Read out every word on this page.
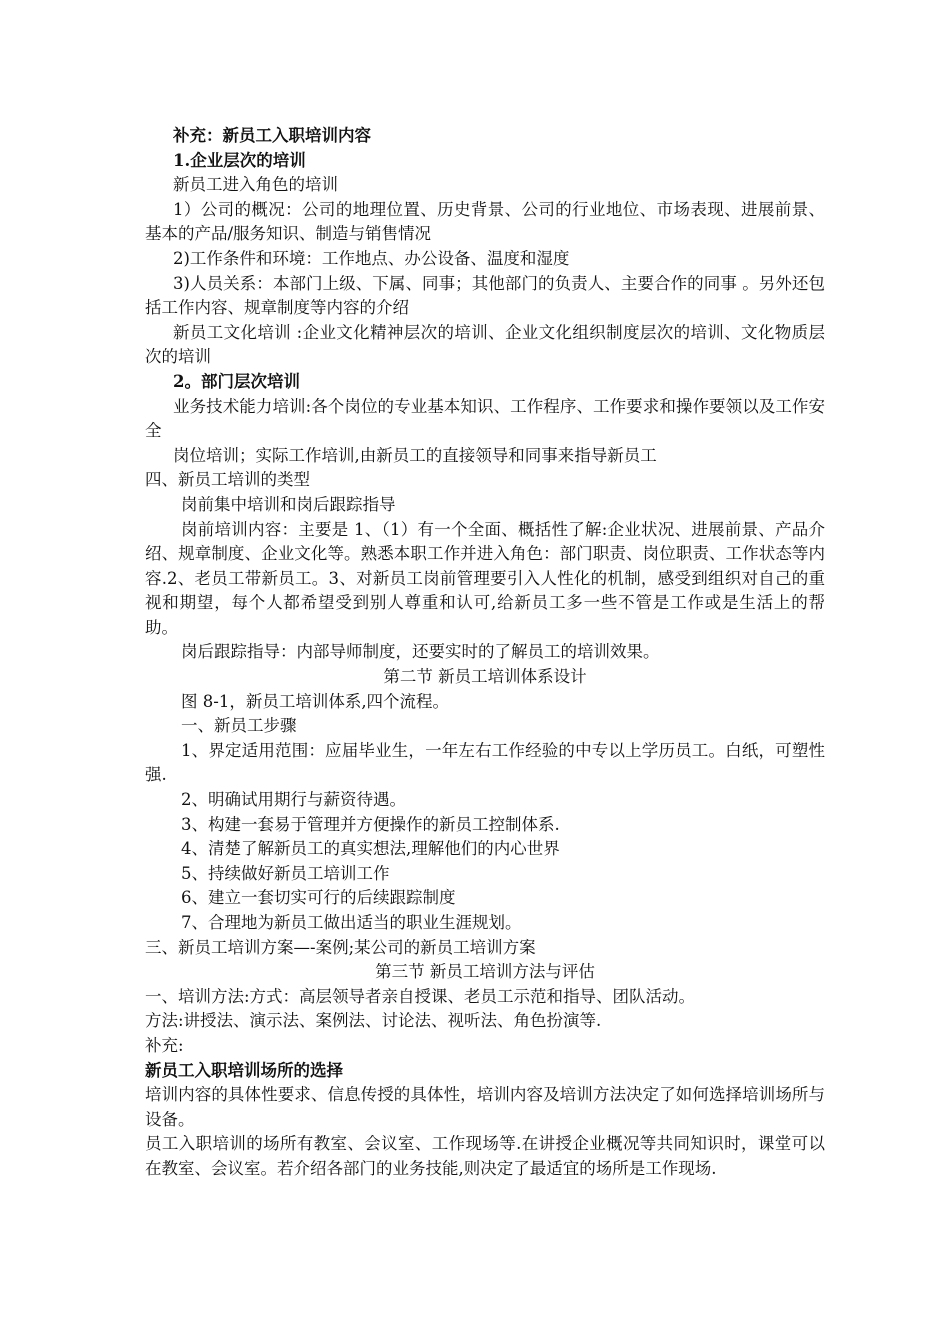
补充：新员工入职培训内容

1.企业层次的培训

新员工进入角色的培训

1）公司的概况：公司的地理位置、历史背景、公司的行业地位、市场表现、进展前景、基本的产品/服务知识、制造与销售情况

2)工作条件和环境：工作地点、办公设备、温度和湿度

3)人员关系：本部门上级、下属、同事；其他部门的负责人、主要合作的同事 。另外还包括工作内容、规章制度等内容的介绍

新员工文化培训 :企业文化精神层次的培训、企业文化组织制度层次的培训、文化物质层次的培训

2。部门层次培训

业务技术能力培训:各个岗位的专业基本知识、工作程序、工作要求和操作要领以及工作安全

岗位培训；实际工作培训,由新员工的直接领导和同事来指导新员工

四、新员工培训的类型

岗前集中培训和岗后跟踪指导

岗前培训内容：主要是 1、（1）有一个全面、概括性了解:企业状况、进展前景、产品介绍、规章制度、企业文化等。熟悉本职工作并进入角色：部门职责、岗位职责、工作状态等内容.2、老员工带新员工。3、对新员工岗前管理要引入人性化的机制，感受到组织对自己的重视和期望，每个人都希望受到别人尊重和认可,给新员工多一些不管是工作或是生活上的帮助。

岗后跟踪指导：内部导师制度，还要实时的了解员工的培训效果。

第二节 新员工培训体系设计

图 8-1，新员工培训体系,四个流程。

一、新员工步骤

1、界定适用范围：应届毕业生，一年左右工作经验的中专以上学历员工。白纸，可塑性强.

2、明确试用期行与薪资待遇。

3、构建一套易于管理并方便操作的新员工控制体系.

4、清楚了解新员工的真实想法,理解他们的内心世界

5、持续做好新员工培训工作

6、建立一套切实可行的后续跟踪制度

7、合理地为新员工做出适当的职业生涯规划。

三、新员工培训方案—-案例;某公司的新员工培训方案

第三节 新员工培训方法与评估

一、培训方法:方式：高层领导者亲自授课、老员工示范和指导、团队活动。

方法:讲授法、演示法、案例法、讨论法、视听法、角色扮演等.

补充:

新员工入职培训场所的选择

培训内容的具体性要求、信息传授的具体性，培训内容及培训方法决定了如何选择培训场所与设备。

员工入职培训的场所有教室、会议室、工作现场等.在讲授企业概况等共同知识时，课堂可以在教室、会议室。若介绍各部门的业务技能,则决定了最适宜的场所是工作现场.
